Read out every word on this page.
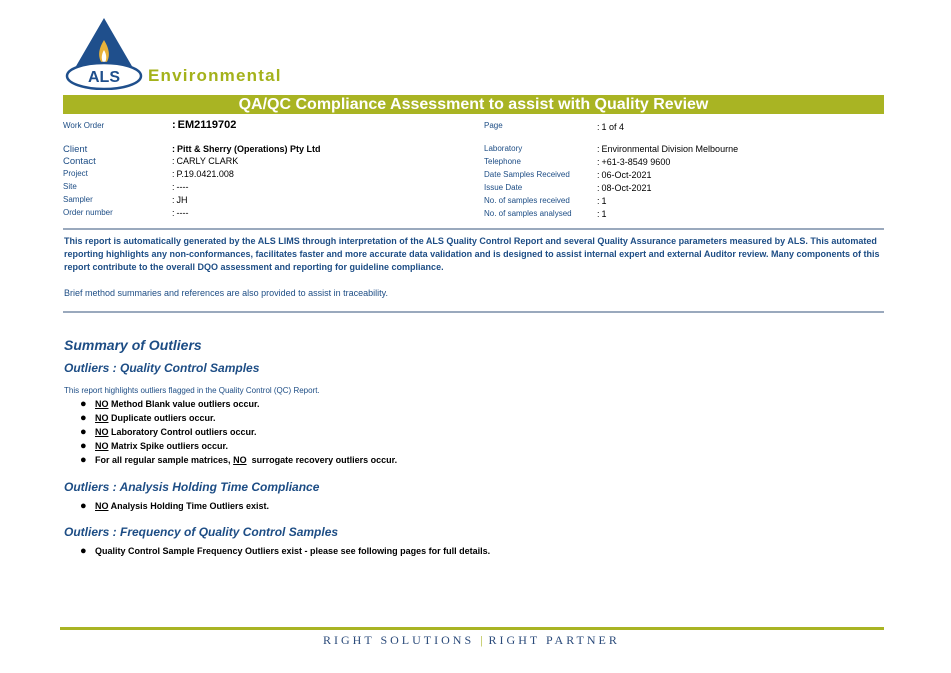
ALS Environmental
QA/QC Compliance Assessment to assist with Quality Review
Work Order	: EM2119702
Client	: Pitt & Sherry (Operations) Pty Ltd
Contact	: CARLY CLARK
Project	: P.19.0421.008
Site	: ----
Sampler	: JH
Order number	: ----
Page	: 1 of 4
Laboratory	: Environmental Division Melbourne
Telephone	: +61-3-8549 9600
Date Samples Received	: 06-Oct-2021
Issue Date	: 08-Oct-2021
No. of samples received	: 1
No. of samples analysed	: 1
This report is automatically generated by the ALS LIMS through interpretation of the ALS Quality Control Report and several Quality Assurance parameters measured by ALS. This automated reporting highlights any non-conformances, facilitates faster and more accurate data validation and is designed to assist internal expert and external Auditor review. Many components of this report contribute to the overall DQO assessment and reporting for guideline compliance.
Brief method summaries and references are also provided to assist in traceability.
Summary of Outliers
Outliers : Quality Control Samples
This report highlights outliers flagged in the Quality Control (QC) Report.
● NO Method Blank value outliers occur.
● NO Duplicate outliers occur.
● NO Laboratory Control outliers occur.
● NO Matrix Spike outliers occur.
● For all regular sample matrices, NO surrogate recovery outliers occur.
Outliers : Analysis Holding Time Compliance
● NO Analysis Holding Time Outliers exist.
Outliers : Frequency of Quality Control Samples
● Quality Control Sample Frequency Outliers exist - please see following pages for full details.
RIGHT SOLUTIONS | RIGHT PARTNER
